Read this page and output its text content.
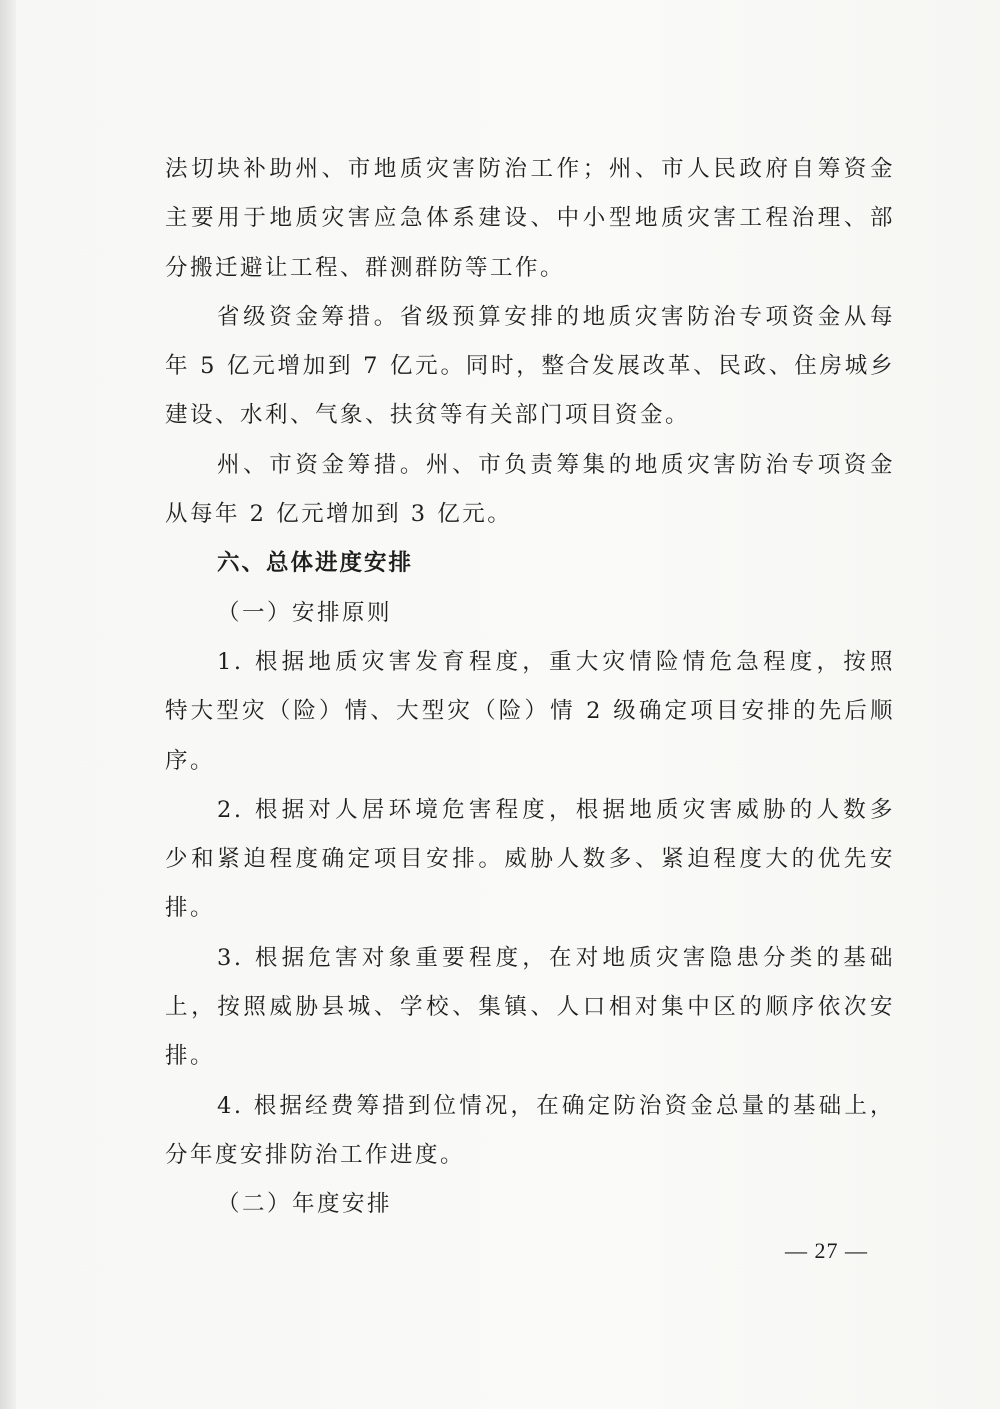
法切块补助州、市地质灾害防治工作；州、市人民政府自筹资金
主要用于地质灾害应急体系建设、中小型地质灾害工程治理、部
分搬迁避让工程、群测群防等工作。
省级资金筹措。省级预算安排的地质灾害防治专项资金从每
年 5 亿元增加到 7 亿元。同时，整合发展改革、民政、住房城乡
建设、水利、气象、扶贫等有关部门项目资金。
州、市资金筹措。州、市负责筹集的地质灾害防治专项资金
从每年 2 亿元增加到 3 亿元。
六、总体进度安排
（一）安排原则
1. 根据地质灾害发育程度，重大灾情险情危急程度，按照
特大型灾（险）情、大型灾（险）情 2 级确定项目安排的先后顺
序。
2. 根据对人居环境危害程度，根据地质灾害威胁的人数多
少和紧迫程度确定项目安排。威胁人数多、紧迫程度大的优先安
排。
3. 根据危害对象重要程度，在对地质灾害隐患分类的基础
上，按照威胁县城、学校、集镇、人口相对集中区的顺序依次安
排。
4. 根据经费筹措到位情况，在确定防治资金总量的基础上，
分年度安排防治工作进度。
（二）年度安排
— 27 —
